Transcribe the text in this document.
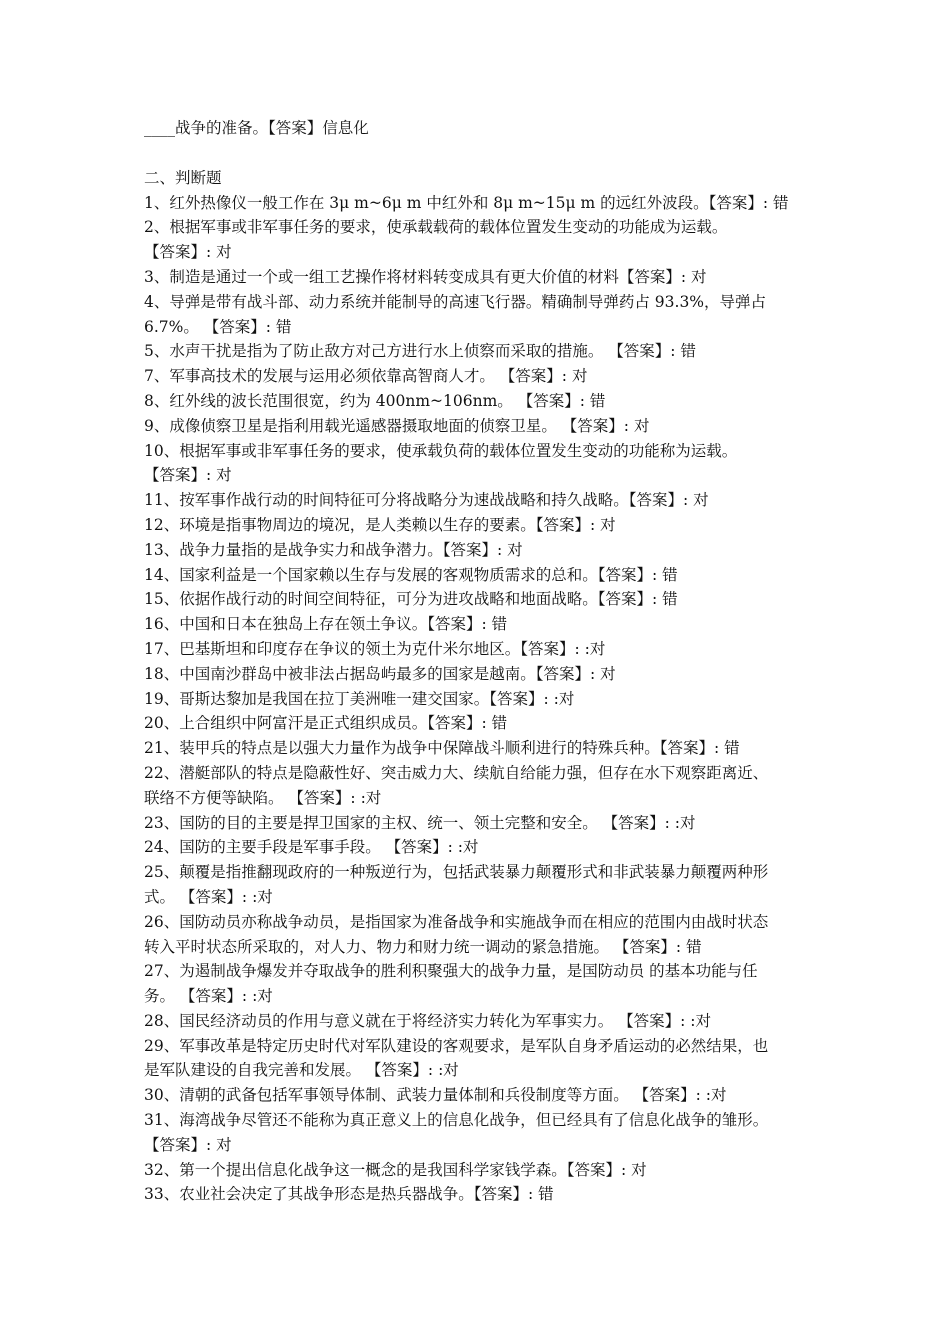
____战争的准备。【答案】信息化

二、判断题

1、红外热像仪一般工作在 3μ m~6μ m 中红外和 8μ m~15μ m 的远红外波段。【答案】: 错
2、根据军事或非军事任务的要求，使承载载荷的载体位置发生变动的功能成为运载。
【答案】: 对
3、制造是通过一个或一组工艺操作将材料转变成具有更大价值的材料【答案】: 对
4、导弹是带有战斗部、动力系统并能制导的高速飞行器。精确制导弹药占 93.3%，导弹占
6.7%。 【答案】: 错
5、水声干扰是指为了防止敌方对己方进行水上侦察而采取的措施。 【答案】: 错
7、军事高技术的发展与运用必须依靠高智商人才。 【答案】: 对
8、红外线的波长范围很宽，约为 400nm~106nm。 【答案】: 错
9、成像侦察卫星是指利用载光遥感器摄取地面的侦察卫星。 【答案】: 对
10、根据军事或非军事任务的要求，使承载负荷的载体位置发生变动的功能称为运载。
【答案】: 对
11、按军事作战行动的时间特征可分将战略分为速战战略和持久战略。【答案】: 对
12、环境是指事物周边的境况，是人类赖以生存的要素。【答案】: 对
13、战争力量指的是战争实力和战争潜力。【答案】: 对
14、国家利益是一个国家赖以生存与发展的客观物质需求的总和。【答案】: 错
15、依据作战行动的时间空间特征，可分为进攻战略和地面战略。【答案】: 错
16、中国和日本在独岛上存在领土争议。【答案】: 错
17、巴基斯坦和印度存在争议的领土为克什米尔地区。【答案】: :对
18、中国南沙群岛中被非法占据岛屿最多的国家是越南。【答案】: 对
19、哥斯达黎加是我国在拉丁美洲唯一建交国家。【答案】: :对
20、上合组织中阿富汗是正式组织成员。【答案】: 错
21、装甲兵的特点是以强大力量作为战争中保障战斗顺利进行的特殊兵种。【答案】: 错
22、潜艇部队的特点是隐蔽性好、突击威力大、续航自给能力强，但存在水下观察距离近、
联络不方便等缺陷。 【答案】: :对
23、国防的目的主要是捍卫国家的主权、统一、领土完整和安全。 【答案】: :对
24、国防的主要手段是军事手段。 【答案】: :对
25、颠覆是指推翻现政府的一种叛逆行为，包括武装暴力颠覆形式和非武装暴力颠覆两种形
式。 【答案】: :对
26、国防动员亦称战争动员，是指国家为准备战争和实施战争而在相应的范围内由战时状态
转入平时状态所采取的，对人力、物力和财力统一调动的紧急措施。 【答案】: 错
27、为遏制战争爆发并夺取战争的胜利积聚强大的战争力量，是国防动员 的基本功能与任
务。 【答案】: :对
28、国民经济动员的作用与意义就在于将经济实力转化为军事实力。 【答案】: :对
29、军事改革是特定历史时代对军队建设的客观要求，是军队自身矛盾运动的必然结果，也
是军队建设的自我完善和发展。 【答案】: :对
30、清朝的武备包括军事领导体制、武装力量体制和兵役制度等方面。 【答案】: :对
31、海湾战争尽管还不能称为真正意义上的信息化战争，但已经具有了信息化战争的雏形。
【答案】: 对
32、第一个提出信息化战争这一概念的是我国科学家钱学森。【答案】: 对
33、农业社会决定了其战争形态是热兵器战争。【答案】: 错
